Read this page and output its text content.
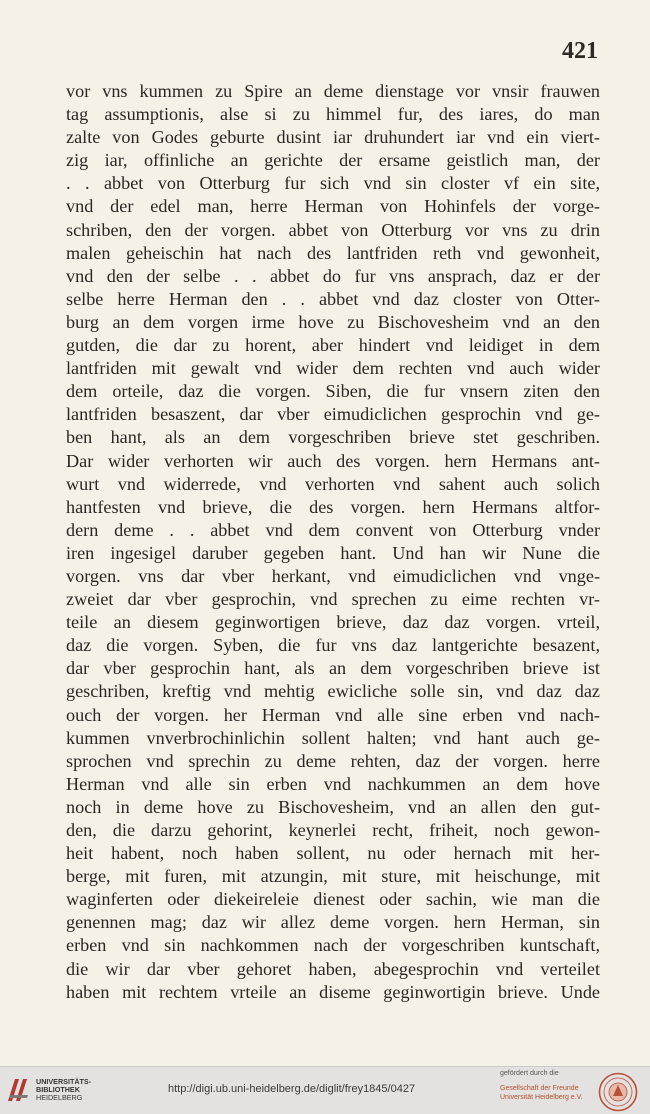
421
vor vns kummen zu Spire an deme dienstage vor vnsir frauwen
tag assumptionis, alse si zu himmel fur, des iares, do man
zalte von Godes geburte dusint iar druhundert iar vnd ein viert-
zig iar, offinliche an gerichte der ersame geistlich man, der
. . abbet von Otterburg fur sich vnd sin closter vf ein site,
vnd der edel man, herre Herman von Hohinfels der vorge-
schriben, den der vorgen. abbet von Otterburg vor vns zu drin
malen geheischin hat nach des lantfriden reth vnd gewonheit,
vnd den der selbe . . abbet do fur vns ansprach, daz er der
selbe herre Herman den . . abbet vnd daz closter von Otter-
burg an dem vorgen irme hove zu Bischovesheim vnd an den
gutden, die dar zu horent, aber hindert vnd leidiget in dem
lantfriden mit gewalt vnd wider dem rechten vnd auch wider
dem orteile, daz die vorgen. Siben, die fur vnsern ziten den
lantfriden besaszent, dar vber eimudiclichen gesprochin vnd ge-
ben hant, als an dem vorgeschriben brieve stet geschriben.
Dar wider verhorten wir auch des vorgen. hern Hermans ant-
wurt vnd widerrede, vnd verhorten vnd sahent auch solich
hantfesten vnd brieve, die des vorgen. hern Hermans altfor-
dern deme . . abbet vnd dem convent von Otterburg vnder
iren ingesigel daruber gegeben hant. Und han wir Nune die
vorgen. vns dar vber herkant, vnd eimudiclichen vnd vnge-
zweiet dar vber gesprochin, vnd sprechen zu eime rechten vr-
teile an diesem geginwortigen brieve, daz daz vorgen. vrteil,
daz die vorgen. Syben, die fur vns daz lantgerichte besazent,
dar vber gesprochin hant, als an dem vorgeschriben brieve ist
geschriben, kreftig vnd mehtig ewicliche solle sin, vnd daz daz
ouch der vorgen. her Herman vnd alle sine erben vnd nach-
kummen vnverbrochinlichin sollent halten; vnd hant auch ge-
sprochen vnd sprechin zu deme rehten, daz der vorgen. herre
Herman vnd alle sin erben vnd nachkummen an dem hove
noch in deme hove zu Bischovesheim, vnd an allen den gut-
den, die darzu gehorint, keynerlei recht, friheit, noch gewon-
heit habent, noch haben sollent, nu oder hernach mit her-
berge, mit furen, mit atzungin, mit sture, mit heischunge, mit
waginferten oder diekeireleie dienest oder sachin, wie man die
genennen mag; daz wir allez deme vorgen. hern Herman, sin
erben vnd sin nachkommen nach der vorgeschriben kuntschaft,
die wir dar vber gehoret haben, abegesprochin vnd verteilet
haben mit rechtem vrteile an diseme geginwortigin brieve. Unde
UNIVERSITÄTS-
BIBLIOTHEK
HEIDELBERG
http://digi.ub.uni-heidelberg.de/diglit/frey1845/0427
gefördert durch die
Gesellschaft der Freunde
Universität Heidelberg e.V.
